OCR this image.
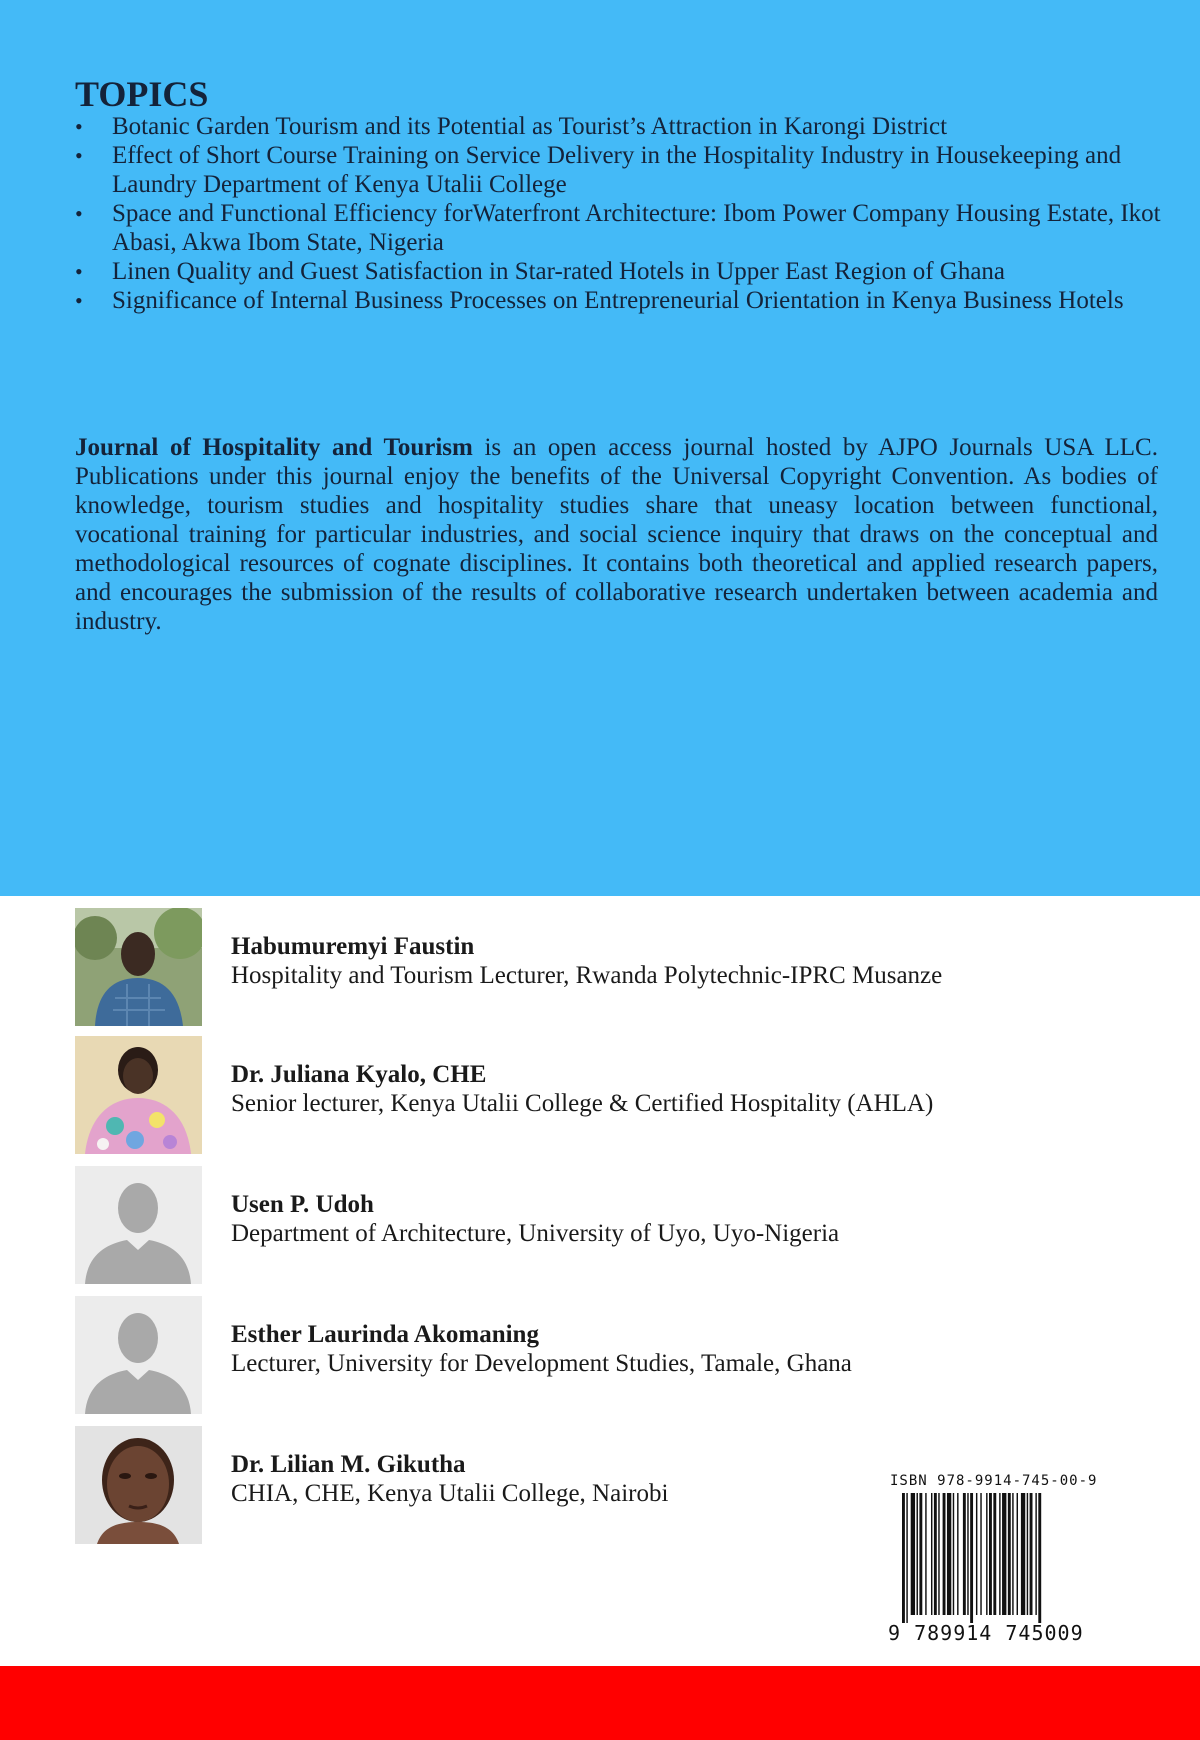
TOPICS
• Botanic Garden Tourism and its Potential as Tourist’s Attraction in Karongi District
• Effect of Short Course Training on Service Delivery in the Hospitality Industry in Housekeeping and Laundry Department of Kenya Utalii College
• Space and Functional Efficiency forWaterfront Architecture: Ibom Power Company Housing Estate, Ikot Abasi, Akwa Ibom State, Nigeria
• Linen Quality and Guest Satisfaction in Star-rated Hotels in Upper East Region of Ghana
• Significance of Internal Business Processes on Entrepreneurial Orientation in Kenya Business Hotels

Journal of Hospitality and Tourism is an open access journal hosted by AJPO Journals USA LLC. Publications under this journal enjoy the benefits of the Universal Copyright Convention. As bodies of knowledge, tourism studies and hospitality studies share that uneasy location between functional, vocational training for particular industries, and social science inquiry that draws on the conceptual and methodological resources of cognate disciplines. It contains both theoretical and applied research papers, and encourages the submission of the results of collaborative research undertaken between academia and industry.

Habumuremyi Faustin
Hospitality and Tourism Lecturer, Rwanda Polytechnic-IPRC Musanze
Dr. Juliana Kyalo, CHE
Senior lecturer, Kenya Utalii College & Certified Hospitality (AHLA)
Usen P. Udoh
Department of Architecture, University of Uyo, Uyo-Nigeria
Esther Laurinda Akomaning
Lecturer, University for Development Studies, Tamale, Ghana
Dr. Lilian M. Gikutha
CHIA, CHE, Kenya Utalii College, Nairobi	ISBN 978-9914-745-00-9
9 789914 745009
